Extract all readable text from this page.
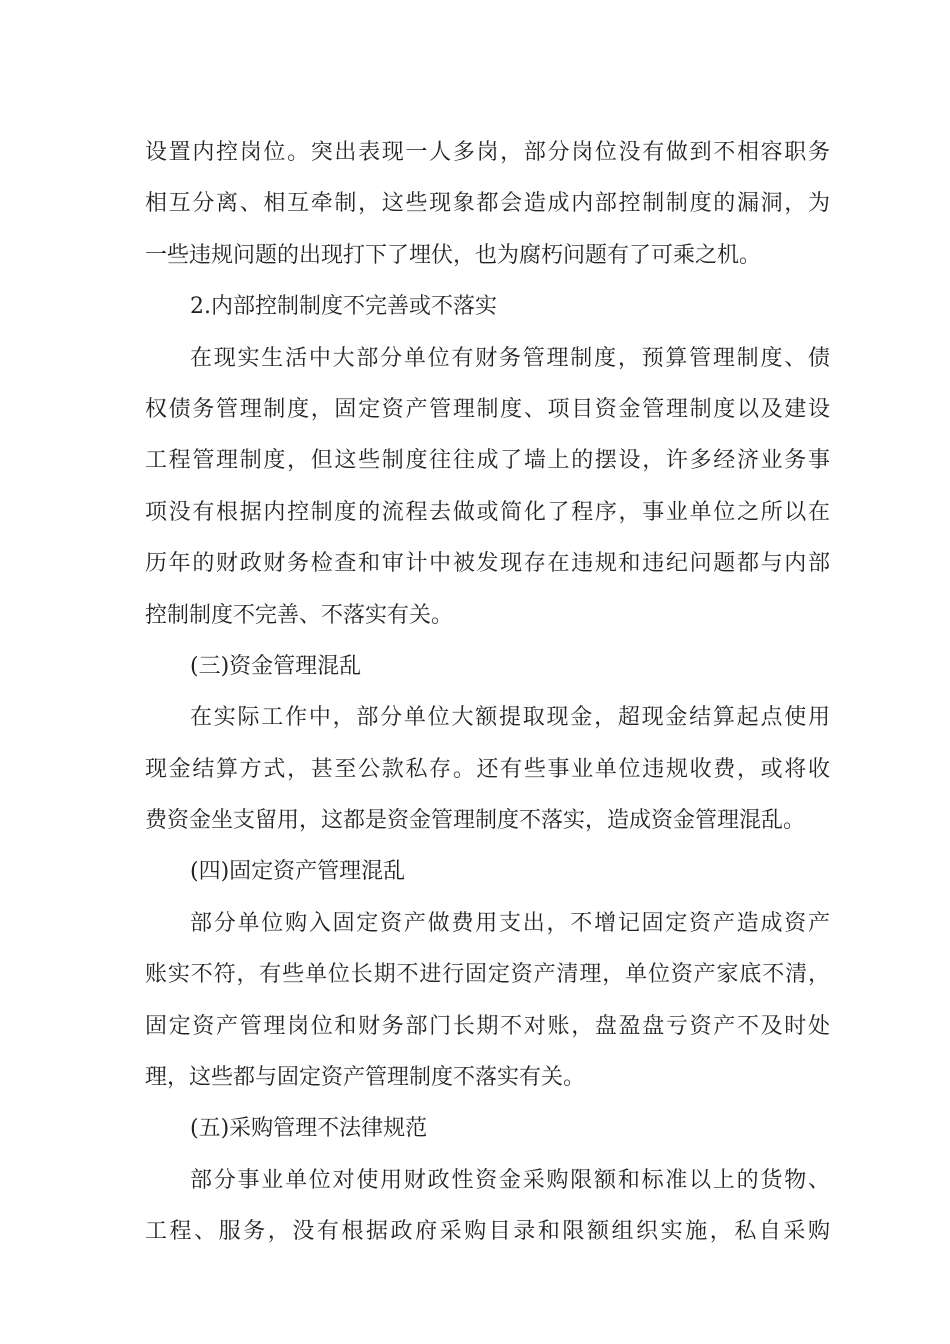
设置内控岗位。突出表现一人多岗，部分岗位没有做到不相容职务
相互分离、相互牵制，这些现象都会造成内部控制制度的漏洞，为
一些违规问题的出现打下了埋伏，也为腐朽问题有了可乘之机。
2.内部控制制度不完善或不落实
在现实生活中大部分单位有财务管理制度，预算管理制度、债
权债务管理制度，固定资产管理制度、项目资金管理制度以及建设
工程管理制度，但这些制度往往成了墙上的摆设，许多经济业务事
项没有根据内控制度的流程去做或简化了程序，事业单位之所以在
历年的财政财务检查和审计中被发现存在违规和违纪问题都与内部
控制制度不完善、不落实有关。
(三)资金管理混乱
在实际工作中，部分单位大额提取现金，超现金结算起点使用
现金结算方式，甚至公款私存。还有些事业单位违规收费，或将收
费资金坐支留用，这都是资金管理制度不落实，造成资金管理混乱。
(四)固定资产管理混乱
部分单位购入固定资产做费用支出，不增记固定资产造成资产
账实不符，有些单位长期不进行固定资产清理，单位资产家底不清，
固定资产管理岗位和财务部门长期不对账，盘盈盘亏资产不及时处
理，这些都与固定资产管理制度不落实有关。
(五)采购管理不法律规范
部分事业单位对使用财政性资金采购限额和标准以上的货物、
工程、服务，没有根据政府采购目录和限额组织实施，私自采购
